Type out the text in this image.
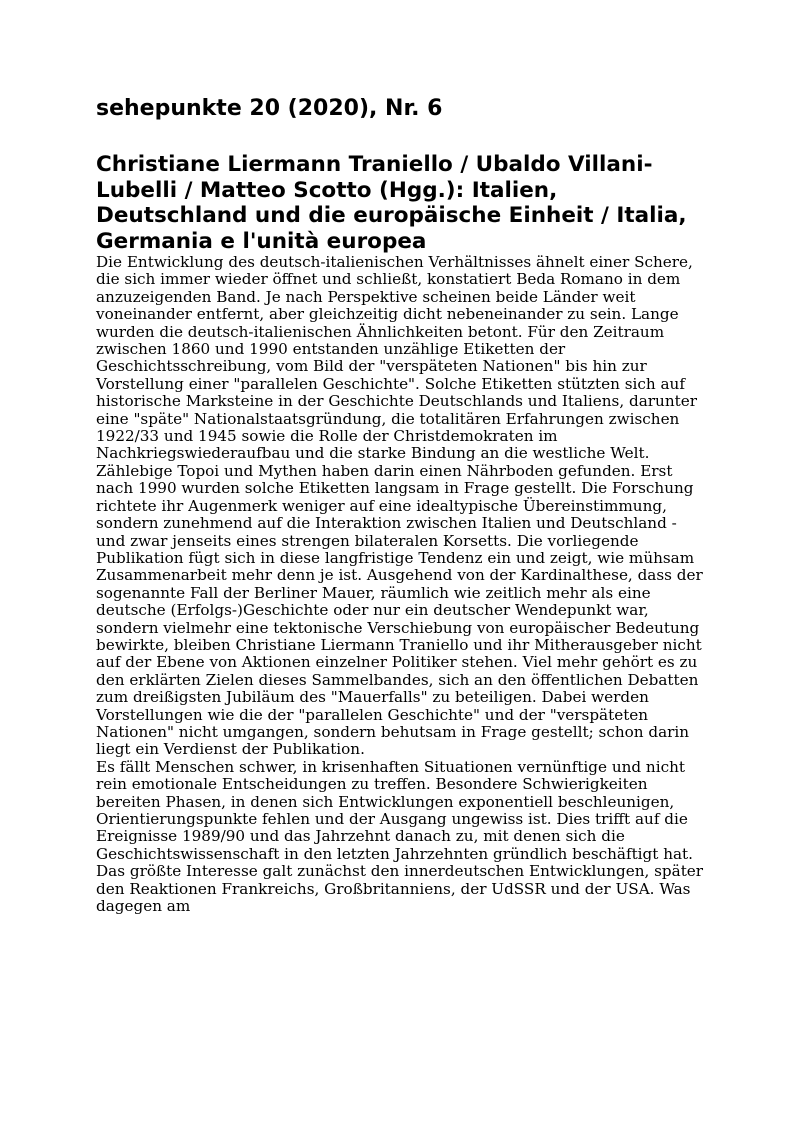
sehepunkte 20 (2020), Nr. 6
Christiane Liermann Traniello / Ubaldo Villani-Lubelli / Matteo Scotto (Hgg.): Italien, Deutschland und die europäische Einheit / Italia, Germania e l'unità europea

Die Entwicklung des deutsch-italienischen Verhältnisses ähnelt einer Schere, die sich immer wieder öffnet und schließt, konstatiert Beda Romano in dem anzuzeigenden Band. Je nach Perspektive scheinen beide Länder weit voneinander entfernt, aber gleichzeitig dicht nebeneinander zu sein. Lange wurden die deutsch-italienischen Ähnlichkeiten betont. Für den Zeitraum zwischen 1860 und 1990 entstanden unzählige Etiketten der Geschichtsschreibung, vom Bild der "verspäteten Nationen" bis hin zur Vorstellung einer "parallelen Geschichte". Solche Etiketten stützten sich auf historische Marksteine in der Geschichte Deutschlands und Italiens, darunter eine "späte" Nationalstaatsgründung, die totalitären Erfahrungen zwischen 1922/33 und 1945 sowie die Rolle der Christdemokraten im Nachkriegswiederaufbau und die starke Bindung an die westliche Welt. Zählebige Topoi und Mythen haben darin einen Nährboden gefunden. Erst nach 1990 wurden solche Etiketten langsam in Frage gestellt. Die Forschung richtete ihr Augenmerk weniger auf eine idealtypische Übereinstimmung, sondern zunehmend auf die Interaktion zwischen Italien und Deutschland - und zwar jenseits eines strengen bilateralen Korsetts. Die vorliegende Publikation fügt sich in diese langfristige Tendenz ein und zeigt, wie mühsam Zusammenarbeit mehr denn je ist. Ausgehend von der Kardinalthese, dass der sogenannte Fall der Berliner Mauer, räumlich wie zeitlich mehr als eine deutsche (Erfolgs-)Geschichte oder nur ein deutscher Wendepunkt war, sondern vielmehr eine tektonische Verschiebung von europäischer Bedeutung bewirkte, bleiben Christiane Liermann Traniello und ihr Mitherausgeber nicht auf der Ebene von Aktionen einzelner Politiker stehen. Viel mehr gehört es zu den erklärten Zielen dieses Sammelbandes, sich an den öffentlichen Debatten zum dreißigsten Jubiläum des "Mauerfalls" zu beteiligen. Dabei werden Vorstellungen wie die der "parallelen Geschichte" und der "verspäteten Nationen" nicht umgangen, sondern behutsam in Frage gestellt; schon darin liegt ein Verdienst der Publikation.

Es fällt Menschen schwer, in krisenhaften Situationen vernünftige und nicht rein emotionale Entscheidungen zu treffen. Besondere Schwierigkeiten bereiten Phasen, in denen sich Entwicklungen exponentiell beschleunigen, Orientierungspunkte fehlen und der Ausgang ungewiss ist. Dies trifft auf die Ereignisse 1989/90 und das Jahrzehnt danach zu, mit denen sich die Geschichtswissenschaft in den letzten Jahrzehnten gründlich beschäftigt hat. Das größte Interesse galt zunächst den innerdeutschen Entwicklungen, später den Reaktionen Frankreichs, Großbritanniens, der UdSSR und der USA. Was dagegen am
